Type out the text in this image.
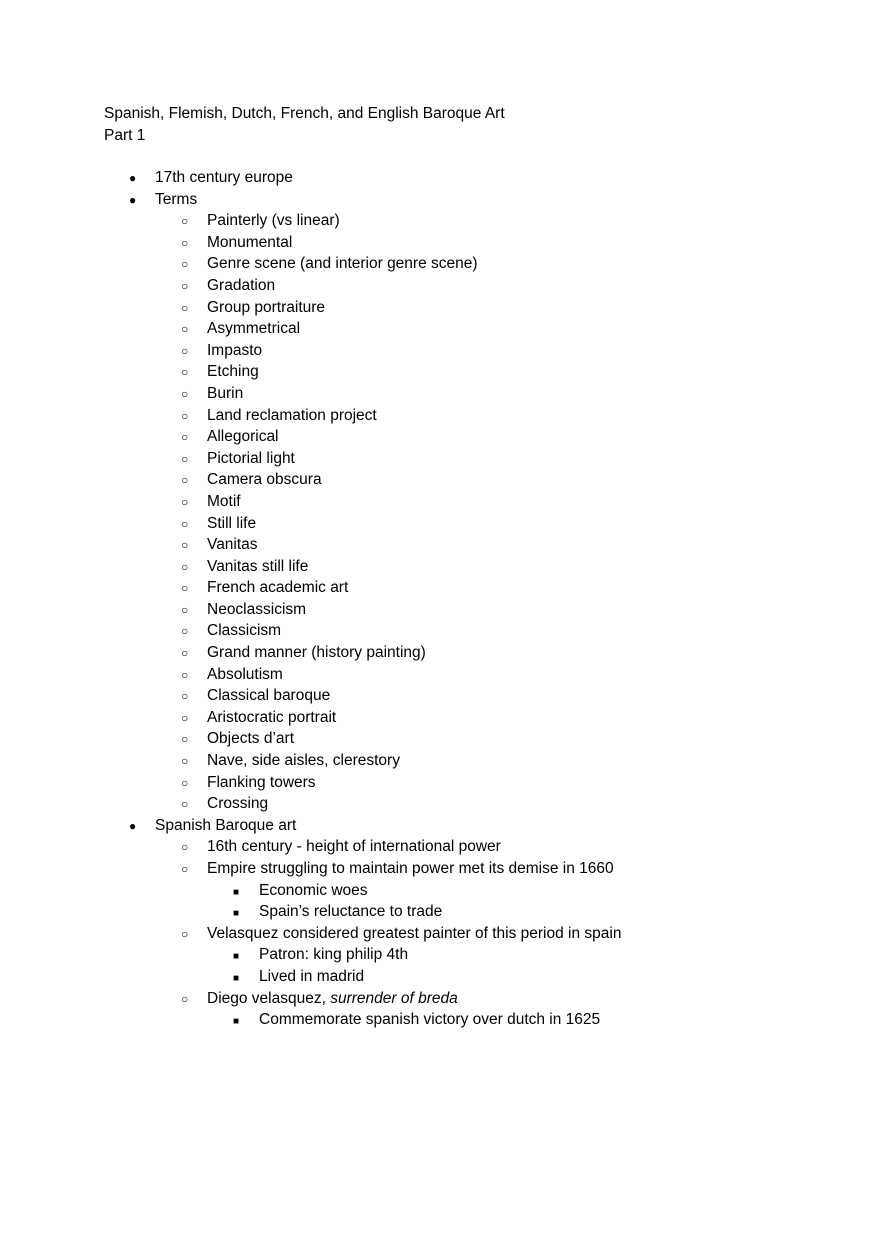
Spanish, Flemish, Dutch, French, and English Baroque Art
Part 1
●
17th century europe
●
Terms
○
Painterly (vs linear)
○
Monumental
○
Genre scene (and interior genre scene)
○
Gradation
○
Group portraiture
○
Asymmetrical
○
Impasto
○
Etching
○
Burin
○
Land reclamation project
○
Allegorical
○
Pictorial light
○
Camera obscura
○
Motif
○
Still life
○
Vanitas
○
Vanitas still life
○
French academic art
○
Neoclassicism
○
Classicism
○
Grand manner (history painting)
○
Absolutism
○
Classical baroque
○
Aristocratic portrait
○
Objects d’art
○
Nave, side aisles, clerestory
○
Flanking towers
○
Crossing
●
Spanish Baroque art
○
16th century - height of international power
○
Empire struggling to maintain power met its demise in 1660
■
Economic woes
■
Spain’s reluctance to trade
○
Velasquez considered greatest painter of this period in spain
■
Patron: king philip 4th
■
Lived in madrid
○
Diego velasquez, surrender of breda
■
Commemorate spanish victory over dutch in 1625
